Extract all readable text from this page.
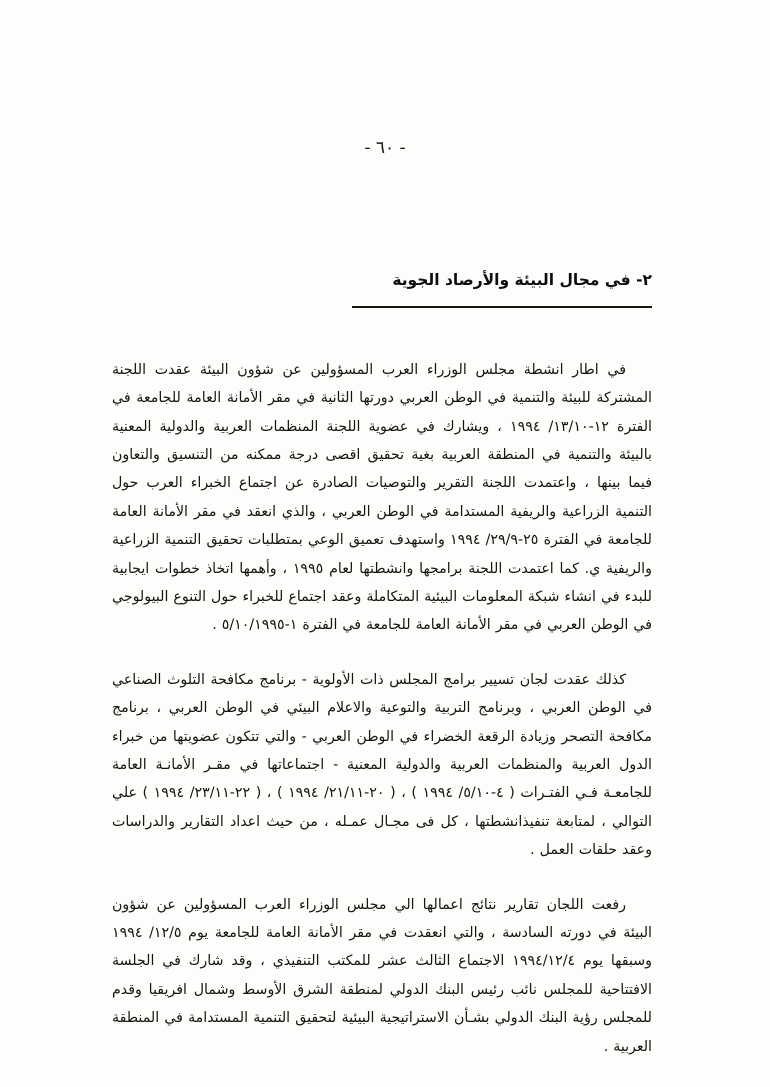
- ٦٠ -
٢- في مجال البيئة والأرصاد الجوية

في اطار انشطة مجلس الوزراء العرب المسؤولين عن شؤون البيئة عقدت اللجنة المشتركة للبيئة والتنمية في الوطن العربي دورتها الثانية في مقر الأمانة العامة للجامعة في الفترة ١٢-١٣/١٠/ ١٩٩٤ ، ويشارك في عضوية اللجنة المنظمات العربية والدولية المعنية بالبيئة والتنمية في المنطقة العربية بغية تحقيق اقصى درجة ممكنه من التنسيق والتعاون فيما بينها ، واعتمدت اللجنة التقرير والتوصيات الصادرة عن اجتماع الخبراء العرب حول التنمية الزراعية والريفية المستدامة في الوطن العربي ، والذي انعقد في مقر الأمانة العامة للجامعة في الفترة ٢٥-٢٩/٩/ ١٩٩٤ واستهدف تعميق الوعي بمتطلبات تحقيق التنمية الزراعية والريفية ي. كما اعتمدت اللجنة برامجها وانشطتها لعام ١٩٩٥ ، وأهمها اتخاذ خطوات ايجابية للبدء في انشاء شبكة المعلومات البيئية المتكاملة وعقد اجتماع للخبراء حول التنوع البيولوجي في الوطن العربي في مقر الأمانة العامة للجامعة في الفترة ١-٥/١٠/١٩٩٥ .

كذلك عقدت لجان تسيير برامج المجلس ذات الأولوية - برنامج مكافحة التلوث الصناعي في الوطن العربي ، وبرنامج التربية والتوعية والاعلام البيئي في الوطن العربي ، برنامج مكافحة التصحر وزيادة الرقعة الخضراء في الوطن العربي - والتي تتكون عضويتها من خبراء الدول العربية والمنظمات العربية والدولية المعنية - اجتماعاتها في مقـر الأمانـة العامة للجامعـة فـي الفتـرات ( ٤-٥/١٠/ ١٩٩٤ ) ، ( ٢٠-٢١/١١/ ١٩٩٤ ) ، ( ٢٢-٢٣/١١/ ١٩٩٤ ) علي التوالي ، لمتابعة تنفيذانشطتها ، كل فى مجـال عمـله ، من حيث اعداد التقارير والدراسات وعقد حلقات العمل .

رفعت اللجان تقارير نتائج اعمالها الي مجلس الوزراء العرب المسؤولين عن شؤون البيئة في دورته السادسة ، والتي انعقدت في مقر الأمانة العامة للجامعة يوم ١٢/٥/ ١٩٩٤ وسبقها يوم ١٩٩٤/١٢/٤ الاجتماع الثالث عشر للمكتب التنفيذي ، وقد شارك في الجلسة الافتتاحية للمجلس نائب رئيس البنك الدولي لمنطقة الشرق الأوسط وشمال افريقيا وقدم للمجلس رؤية البنك الدولي بشـأن الاستراتيجية البيئية لتحقيق التنمية المستدامة في المنطقة العربية .
